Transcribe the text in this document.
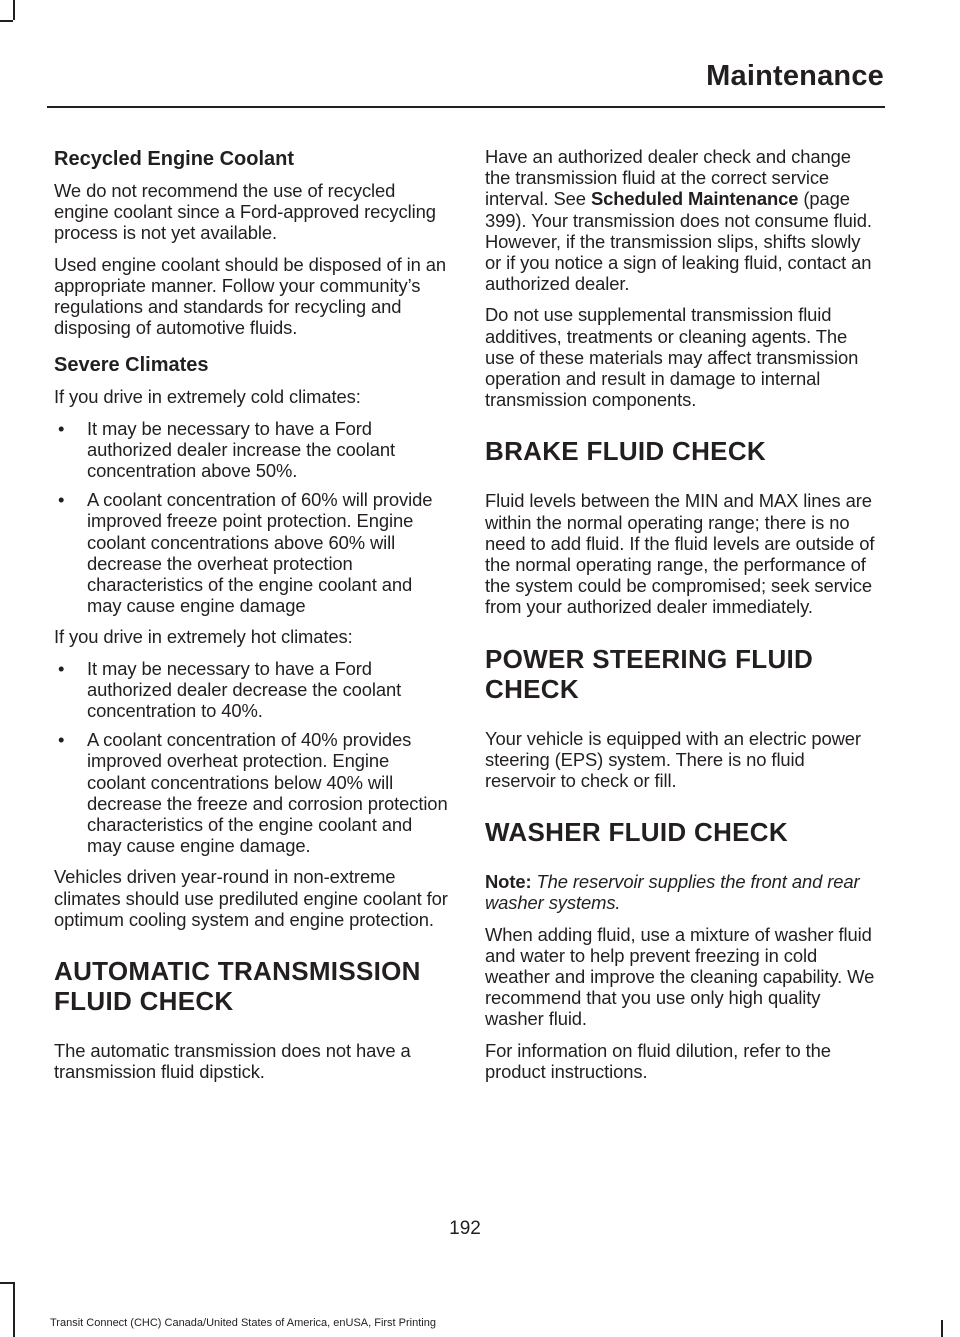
Maintenance
Recycled Engine Coolant

We do not recommend the use of recycled engine coolant since a Ford-approved recycling process is not yet available.

Used engine coolant should be disposed of in an appropriate manner. Follow your community’s regulations and standards for recycling and disposing of automotive fluids.

Severe Climates

If you drive in extremely cold climates:

• It may be necessary to have a Ford authorized dealer increase the coolant concentration above 50%.
• A coolant concentration of 60% will provide improved freeze point protection. Engine coolant concentrations above 60% will decrease the overheat protection characteristics of the engine coolant and may cause engine damage

If you drive in extremely hot climates:

• It may be necessary to have a Ford authorized dealer decrease the coolant concentration to 40%.
• A coolant concentration of 40% provides improved overheat protection. Engine coolant concentrations below 40% will decrease the freeze and corrosion protection characteristics of the engine coolant and may cause engine damage.

Vehicles driven year-round in non-extreme climates should use prediluted engine coolant for optimum cooling system and engine protection.

AUTOMATIC TRANSMISSION FLUID CHECK

The automatic transmission does not have a transmission fluid dipstick.

Have an authorized dealer check and change the transmission fluid at the correct service interval. See Scheduled Maintenance (page 399). Your transmission does not consume fluid. However, if the transmission slips, shifts slowly or if you notice a sign of leaking fluid, contact an authorized dealer.

Do not use supplemental transmission fluid additives, treatments or cleaning agents. The use of these materials may affect transmission operation and result in damage to internal transmission components.

BRAKE FLUID CHECK

Fluid levels between the MIN and MAX lines are within the normal operating range; there is no need to add fluid. If the fluid levels are outside of the normal operating range, the performance of the system could be compromised; seek service from your authorized dealer immediately.

POWER STEERING FLUID CHECK

Your vehicle is equipped with an electric power steering (EPS) system. There is no fluid reservoir to check or fill.

WASHER FLUID CHECK

Note: The reservoir supplies the front and rear washer systems.

When adding fluid, use a mixture of washer fluid and water to help prevent freezing in cold weather and improve the cleaning capability. We recommend that you use only high quality washer fluid.

For information on fluid dilution, refer to the product instructions.

192
Transit Connect (CHC) Canada/United States of America, enUSA, First Printing
